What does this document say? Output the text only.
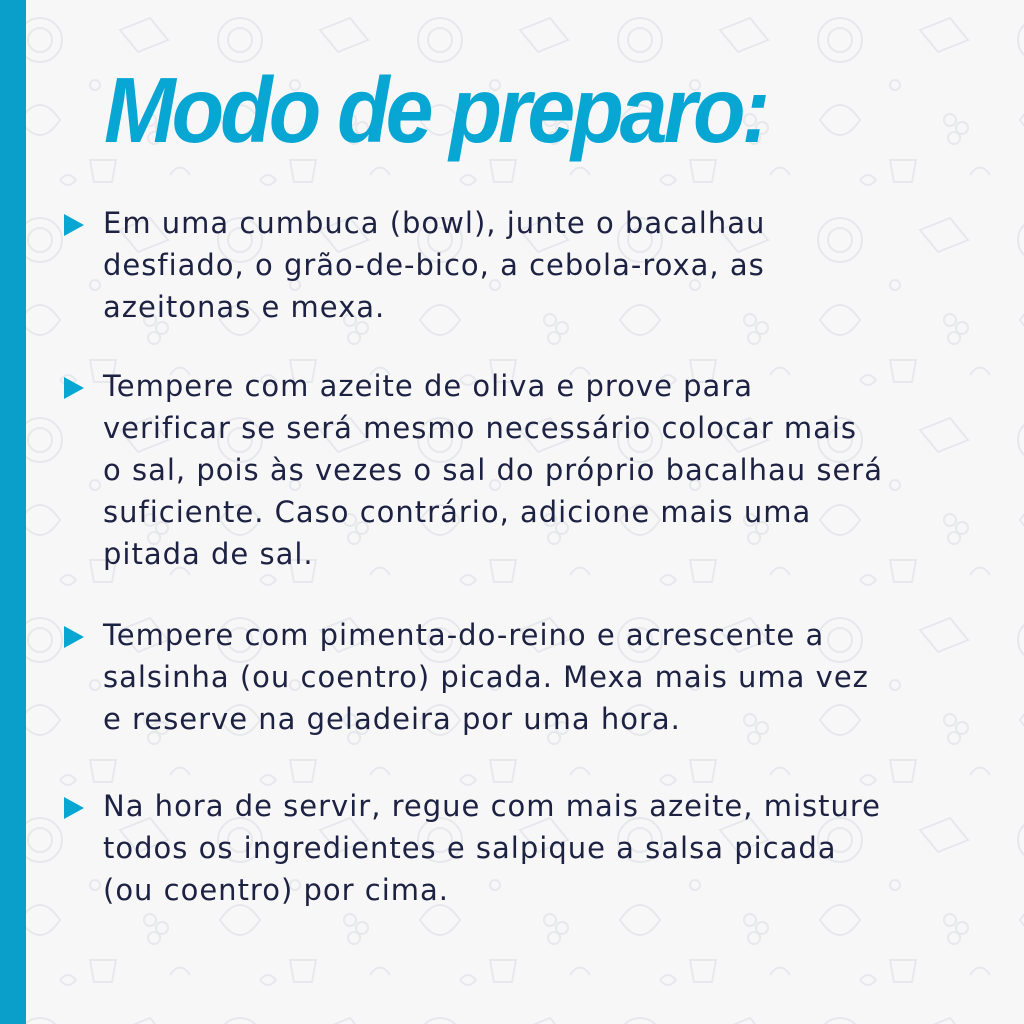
Modo de preparo:

Em uma cumbuca (bowl), junte o bacalhau
desfiado, o grão-de-bico, a cebola-roxa, as
azeitonas e mexa.

Tempere com azeite de oliva e prove para
verificar se será mesmo necessário colocar mais
o sal, pois às vezes o sal do próprio bacalhau será
suficiente. Caso contrário, adicione mais uma
pitada de sal.

Tempere com pimenta-do-reino e acrescente a
salsinha (ou coentro) picada. Mexa mais uma vez
e reserve na geladeira por uma hora.

Na hora de servir, regue com mais azeite, misture
todos os ingredientes e salpique a salsa picada
(ou coentro) por cima.
